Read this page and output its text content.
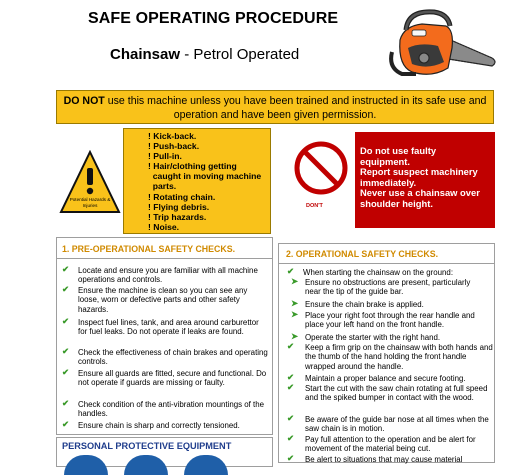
SAFE OPERATING PROCEDURE
Chainsaw - Petrol Operated
DO NOT use this machine unless you have been trained and instructed in its safe use and operation and have been given permission.
Potential Hazards & Injuries
! Kick-back.
! Push-back.
! Pull-in.
! Hair/clothing getting
caught in moving machine
parts.
! Rotating chain.
! Flying debris.
! Trip hazards.
! Noise.
DON'T
Do not use faulty
equipment.
Report suspect machinery
immediately.
Never use a chainsaw over
shoulder height.
1. PRE-OPERATIONAL SAFETY CHECKS.
✔	Locate and ensure you are familiar with all machine operations and controls.
✔	Ensure the machine is clean so you can see any loose, worn or defective parts and other safety hazards.
✔	Inspect fuel lines, tank, and area around carburettor for fuel leaks. Do not operate if leaks are found.
✔	Check the effectiveness of chain brakes and operating controls.
✔	Ensure all guards are fitted, secure and functional. Do not operate if guards are missing or faulty.
✔	Check condition of the anti-vibration mountings of the handles.
✔	Ensure chain is sharp and correctly tensioned.
PERSONAL PROTECTIVE EQUIPMENT
2. OPERATIONAL SAFETY CHECKS.
✔	When starting the chainsaw on the ground:
➤ Ensure no obstructions are present, particularly near the tip of the guide bar.
➤ Ensure the chain brake is applied.
➤ Place your right foot through the rear handle and place your left hand on the front handle.
➤ Operate the starter with the right hand.
✔	Keep a firm grip on the chainsaw with both hands and the thumb of the hand holding the front handle wrapped around the handle.
✔	Maintain a proper balance and secure footing.
✔	Start the cut with the saw chain rotating at full speed and the spiked bumper in contact with the wood.
✔	Be aware of the guide bar nose at all times when the saw chain is in motion.
✔	Pay full attention to the operation and be alert for movement of the material being cut.
✔	Be alert to situations that may cause material
